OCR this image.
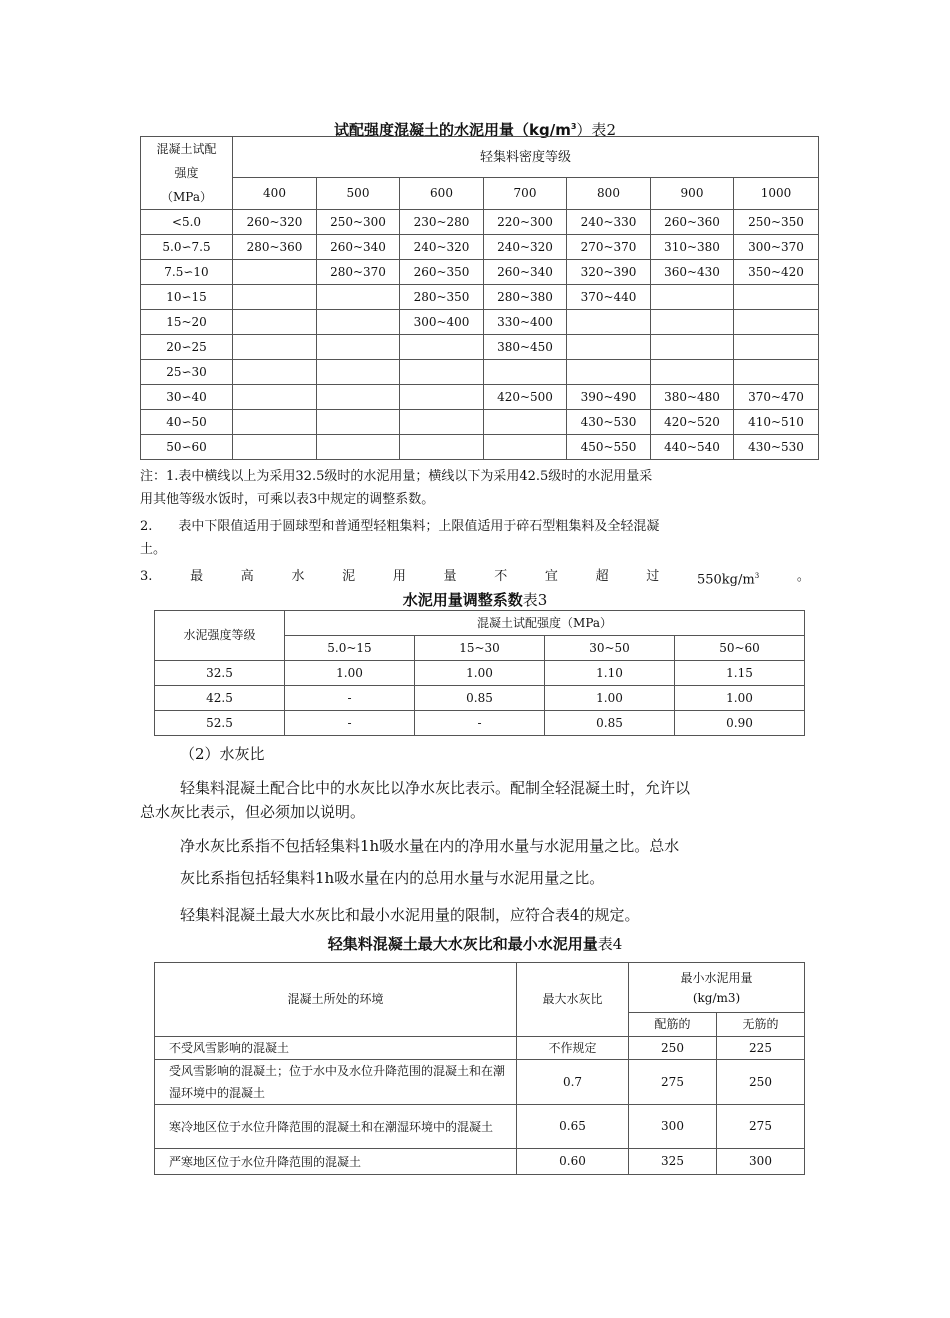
试配强度混凝土的水泥用量$(kg/m^3)$表2
混凝土试配
强度
（MPa）	轻集料密度等级						
	400	500	600	700	800	900	1000
<5.0	260~320	250~300	230~280	220~300	240~330	260~360	250~350
5.0∽7.5	280~360	260~340	240~320	240~320	270~370	310~380	300~370
7.5∽10		280~370	260~350	260~340	320~390	360~430	350~420
10∽15			280~350	280~380	370~440		
15~20			300~400	330~400			
20∽25				380~450			
25∽30							
30∽40				420~500	390~490	380~480	370~470
40∽50					430~530	420~520	410~510
50∽60					450~550	440~540	430~530
注：1.表中横线以上为采用32.5级时的水泥用量；横线以下为采用42.5级时的水泥用量采
用其他等级水饭时，可乘以表3中规定的调整系数。
2. 表中下限值适用于圆球型和普通型轻粗集料；上限值适用于碎石型粗集料及全轻混凝
土。
3.	最	高	水	泥	用	量	不	宜	超	过	$550kg/m^3$	。
水泥用量调整系数表3
水泥强度等级	混凝土试配强度（MPa）			
	5.0~15	15~30	30~50	50~60
32.5	1.00	1.00	1.10	1.15
42.5	-	0.85	1.00	1.00
52.5	-	-	0.85	0.90
（2）水灰比
轻集料混凝土配合比中的水灰比以净水灰比表示。配制全轻混凝土时，允许以
总水灰比表示，但必须加以说明。
净水灰比系指不包括轻集料1h吸水量在内的净用水量与水泥用量之比。总水
灰比系指包括轻集料1h吸水量在内的总用水量与水泥用量之比。
轻集料混凝土最大水灰比和最小水泥用量的限制，应符合表4的规定。
轻集料混凝土最大水灰比和最小水泥用量表4
混凝土所处的环境	最大水灰比	最小水泥用量
(kg/m3)	

		配筋的	无筋的
不受风雪影响的混凝土	不作规定	250	225
受风雪影响的混凝土；位于水中及水位升降范围的混凝土和在潮湿环境中的混凝土	0.7	275	250
寒冷地区位于水位升降范围的混凝土和在潮湿环境中的混凝土	0.65	300	275
严寒地区位于水位升降范围的混凝土	0.60	325	300
